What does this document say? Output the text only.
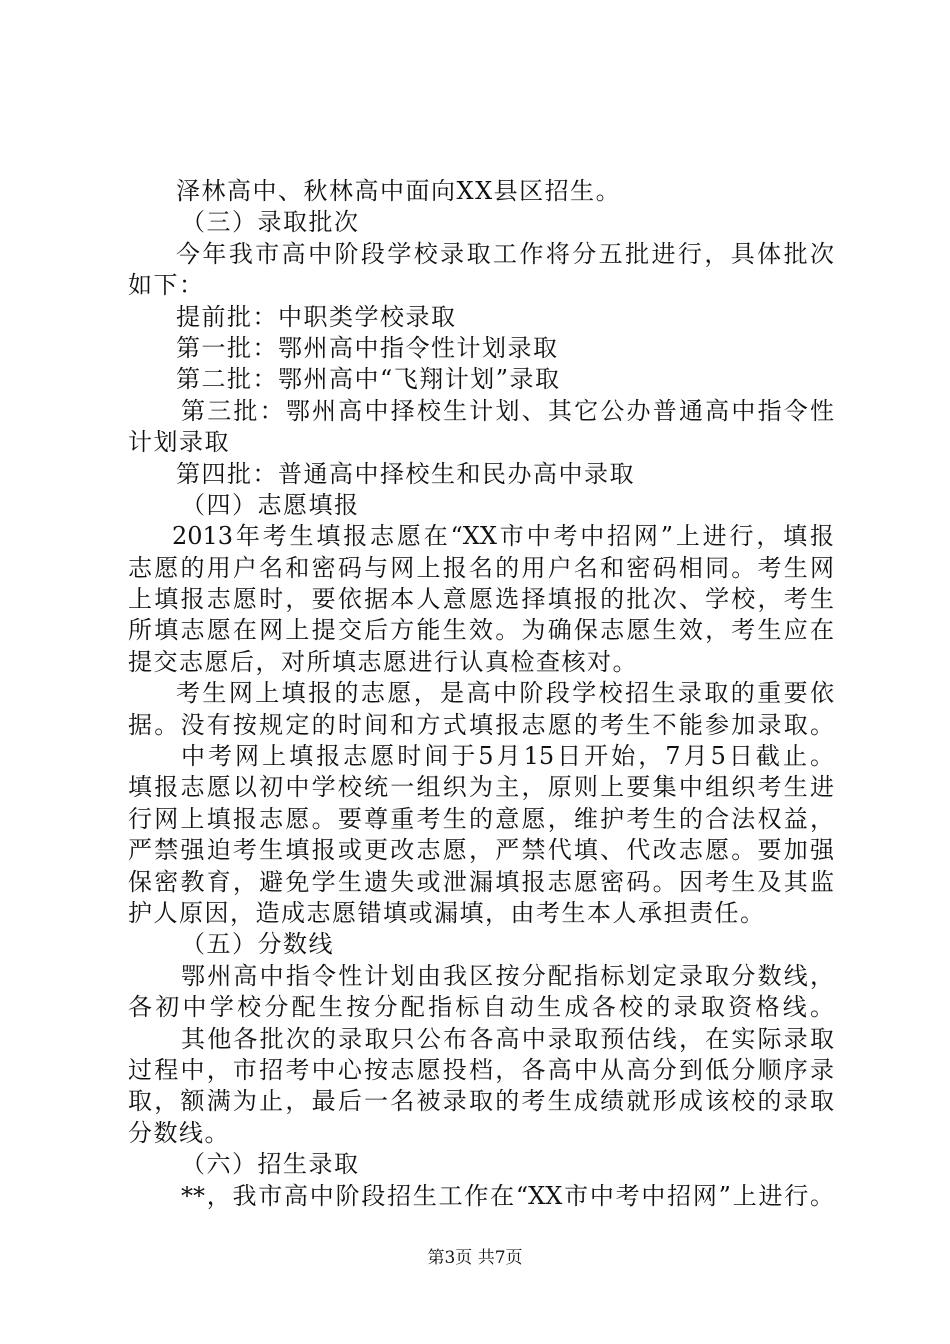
泽林高中、秋林高中面向XX县区招生。
（三）录取批次
今年我市高中阶段学校录取工作将分五批进行，具体批次
如下：
提前批：中职类学校录取
第一批：鄂州高中指令性计划录取
第二批：鄂州高中“飞翔计划”录取
第三批：鄂州高中择校生计划、其它公办普通高中指令性
计划录取
第四批：普通高中择校生和民办高中录取
（四）志愿填报
2013年考生填报志愿在“XX市中考中招网”上进行，填报
志愿的用户名和密码与网上报名的用户名和密码相同。考生网
上填报志愿时，要依据本人意愿选择填报的批次、学校，考生
所填志愿在网上提交后方能生效。为确保志愿生效，考生应在
提交志愿后，对所填志愿进行认真检查核对。
考生网上填报的志愿，是高中阶段学校招生录取的重要依
据。没有按规定的时间和方式填报志愿的考生不能参加录取。
中考网上填报志愿时间于5月15日开始，7月5日截止。
填报志愿以初中学校统一组织为主，原则上要集中组织考生进
行网上填报志愿。要尊重考生的意愿，维护考生的合法权益，
严禁强迫考生填报或更改志愿，严禁代填、代改志愿。要加强
保密教育，避免学生遗失或泄漏填报志愿密码。因考生及其监
护人原因，造成志愿错填或漏填，由考生本人承担责任。
（五）分数线
鄂州高中指令性计划由我区按分配指标划定录取分数线，
各初中学校分配生按分配指标自动生成各校的录取资格线。
其他各批次的录取只公布各高中录取预估线，在实际录取
过程中，市招考中心按志愿投档，各高中从高分到低分顺序录
取，额满为止，最后一名被录取的考生成绩就形成该校的录取
分数线。
（六）招生录取
**，我市高中阶段招生工作在“XX市中考中招网”上进行。
第3页 共7页
